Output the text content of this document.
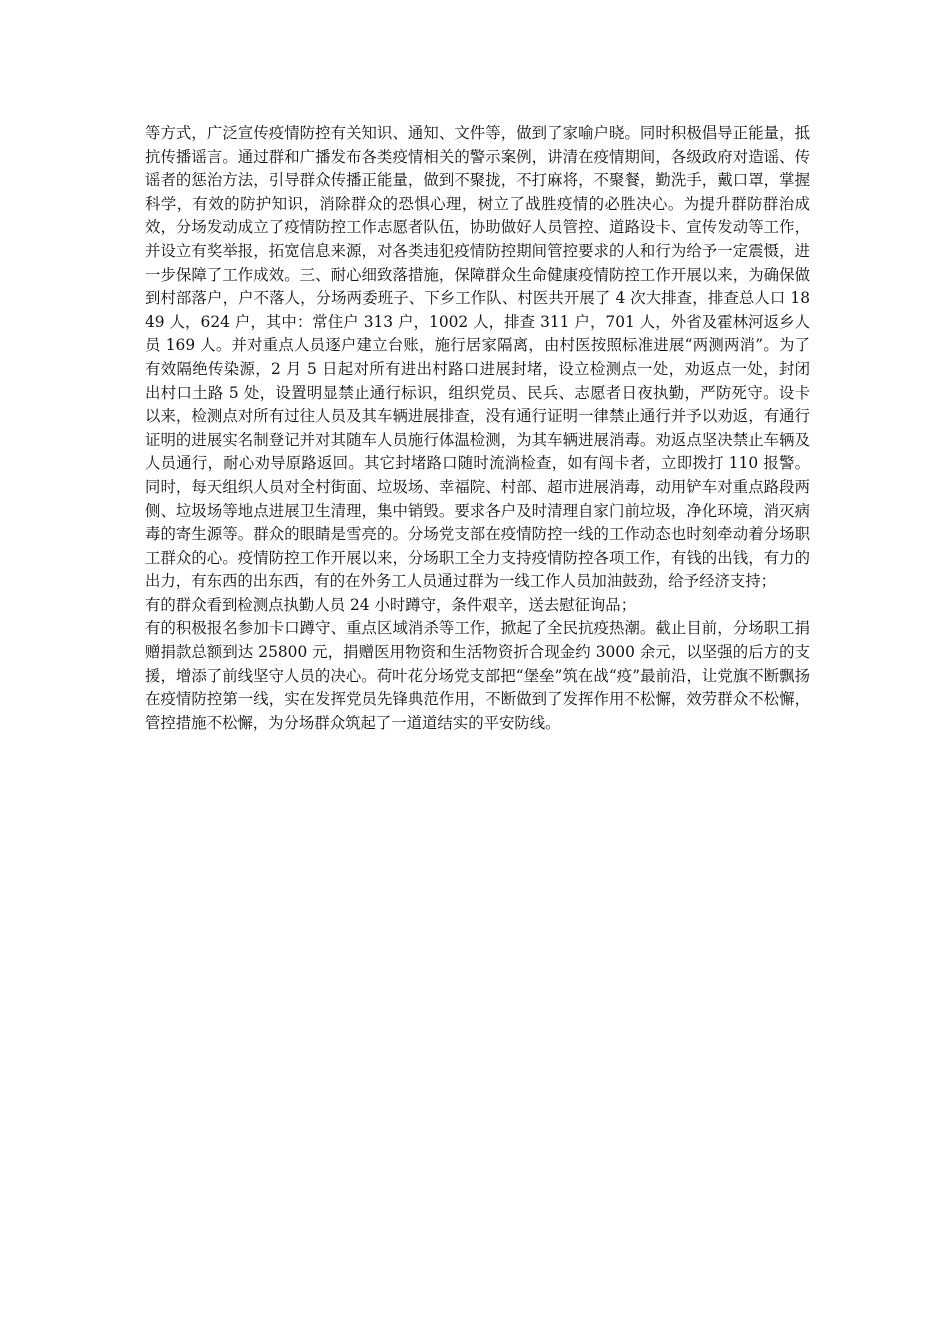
等方式，广泛宣传疫情防控有关知识、通知、文件等，做到了家喻户晓。同时积极倡导正能量，抵抗传播谣言。通过群和广播发布各类疫情相关的警示案例，讲清在疫情期间，各级政府对造谣、传谣者的惩治方法，引导群众传播正能量，做到不聚拢，不打麻将，不聚餐，勤洗手，戴口罩，掌握科学，有效的防护知识，消除群众的恐惧心理，树立了战胜疫情的必胜决心。为提升群防群治成效，分场发动成立了疫情防控工作志愿者队伍，协助做好人员管控、道路设卡、宣传发动等工作，并设立有奖举报，拓宽信息来源，对各类违犯疫情防控期间管控要求的人和行为给予一定震慑，进一步保障了工作成效。三、耐心细致落措施，保障群众生命健康疫情防控工作开展以来，为确保做到村部落户，户不落人，分场两委班子、下乡工作队、村医共开展了 4 次大排查，排查总人口 1849 人，624 户，其中：常住户 313 户，1002 人，排查 311 户，701 人，外省及霍林河返乡人员 169 人。并对重点人员逐户建立台账，施行居家隔离，由村医按照标准进展“两测两消”。为了有效隔绝传染源，2 月 5 日起对所有进出村路口进展封堵，设立检测点一处，劝返点一处，封闭出村口土路 5 处，设置明显禁止通行标识，组织党员、民兵、志愿者日夜执勤，严防死守。设卡以来，检测点对所有过往人员及其车辆进展排查，没有通行证明一律禁止通行并予以劝返，有通行证明的进展实名制登记并对其随车人员施行体温检测，为其车辆进展消毒。劝返点坚决禁止车辆及人员通行，耐心劝导原路返回。其它封堵路口随时流淌检查，如有闯卡者，立即拨打 110 报警。同时，每天组织人员对全村街面、垃圾场、幸福院、村部、超市进展消毒，动用铲车对重点路段两侧、垃圾场等地点进展卫生清理，集中销毁。要求各户及时清理自家门前垃圾，净化环境，消灭病毒的寄生源等。群众的眼睛是雪亮的。分场党支部在疫情防控一线的工作动态也时刻牵动着分场职工群众的心。疫情防控工作开展以来，分场职工全力支持疫情防控各项工作，有钱的出钱，有力的出力，有东西的出东西，有的在外务工人员通过群为一线工作人员加油鼓劲，给予经济支持；

有的群众看到检测点执勤人员 24 小时蹲守，条件艰辛，送去慰征询品；

有的积极报名参加卡口蹲守、重点区域消杀等工作，掀起了全民抗疫热潮。截止目前，分场职工捐赠捐款总额到达 25800 元，捐赠医用物资和生活物资折合现金约 3000 余元，以坚强的后方的支援，增添了前线坚守人员的决心。荷叶花分场党支部把“堡垒”筑在战“疫”最前沿，让党旗不断飘扬在疫情防控第一线，实在发挥党员先锋典范作用，不断做到了发挥作用不松懈，效劳群众不松懈，管控措施不松懈，为分场群众筑起了一道道结实的平安防线。
